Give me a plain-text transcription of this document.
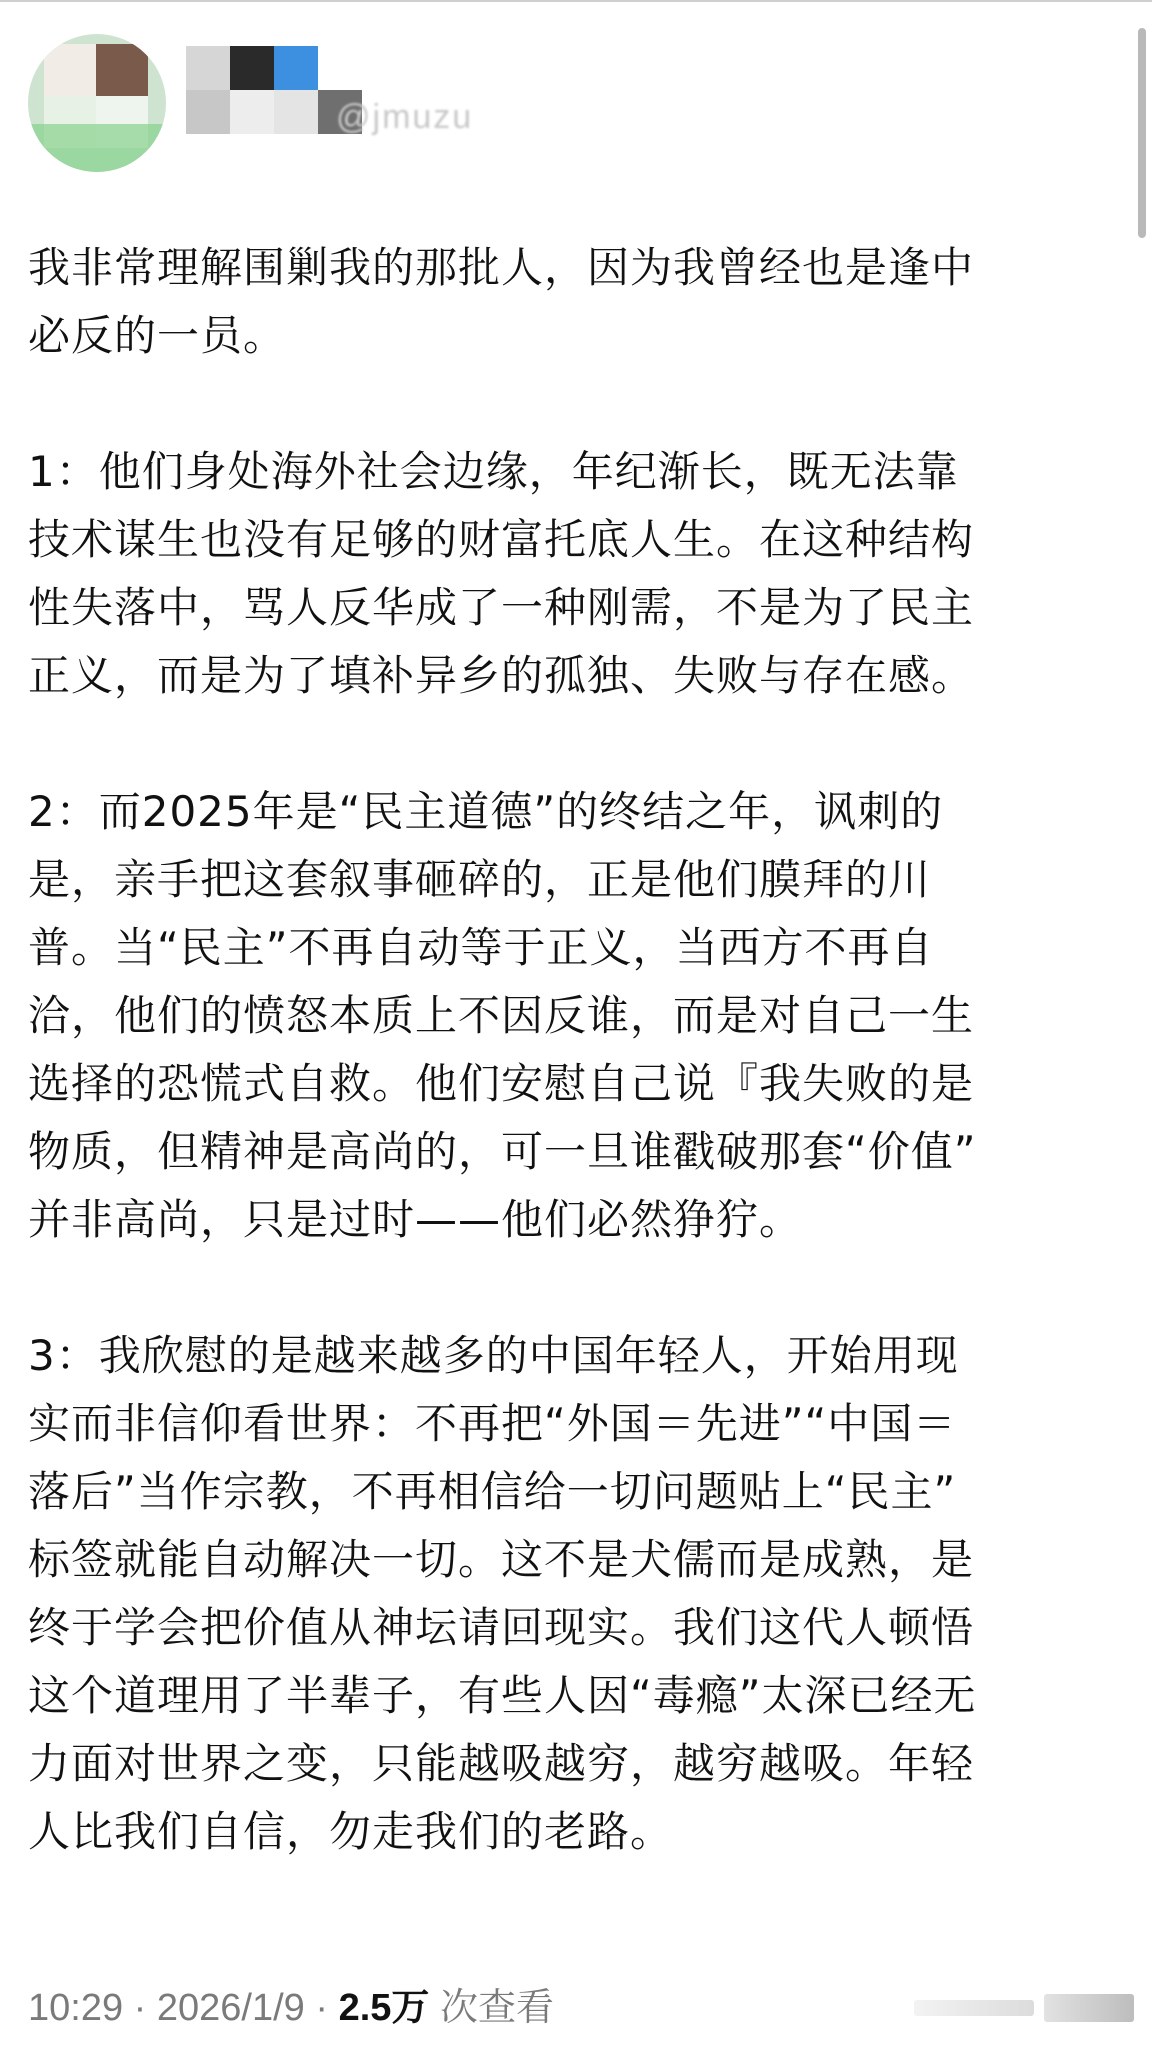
@jmuzu

我非常理解围剿我的那批人，因为我曾经也是逢中
必反的一员。

1：他们身处海外社会边缘，年纪渐长，既无法靠
技术谋生也没有足够的财富托底人生。在这种结构
性失落中，骂人反华成了一种刚需，不是为了民主
正义，而是为了填补异乡的孤独、失败与存在感。

2：而2025年是“民主道德”的终结之年，讽刺的
是，亲手把这套叙事砸碎的，正是他们膜拜的川
普。当“民主”不再自动等于正义，当西方不再自
洽，他们的愤怒本质上不因反谁，而是对自己一生
选择的恐慌式自救。他们安慰自己说『我失败的是
物质，但精神是高尚的，可一旦谁戳破那套“价值”
并非高尚，只是过时——他们必然狰狞。

3：我欣慰的是越来越多的中国年轻人，开始用现
实而非信仰看世界：不再把“外国＝先进”“中国＝
落后”当作宗教，不再相信给一切问题贴上“民主”
标签就能自动解决一切。这不是犬儒而是成熟，是
终于学会把价值从神坛请回现实。我们这代人顿悟
这个道理用了半辈子，有些人因“毒瘾”太深已经无
力面对世界之变，只能越吸越穷，越穷越吸。年轻
人比我们自信，勿走我们的老路。

10:29 · 2026/1/9 · 2.5万 次查看
